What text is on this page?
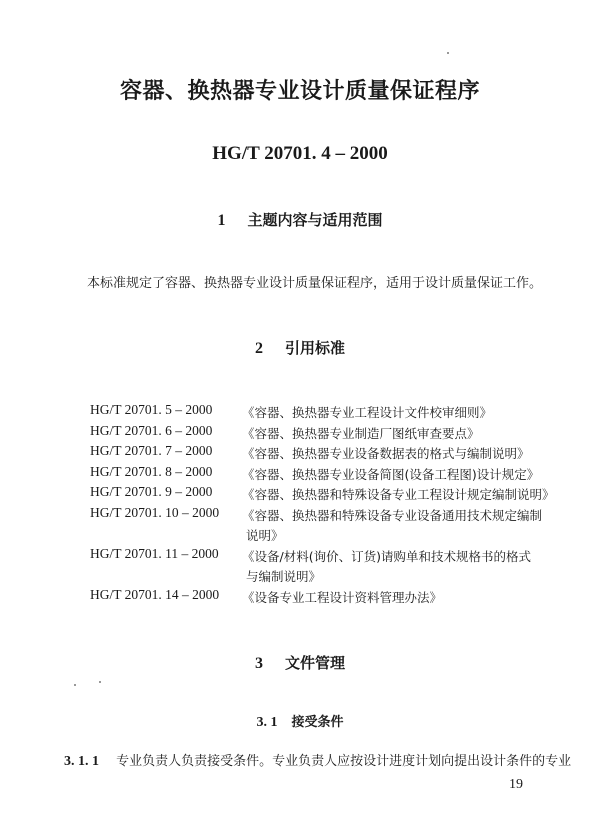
容器、换热器专业设计质量保证程序
HG/T 20701. 4 – 2000
1 主题内容与适用范围
本标准规定了容器、换热器专业设计质量保证程序，适用于设计质量保证工作。
2 引用标准
HG/T 20701. 5 – 2000 《容器、换热器专业工程设计文件校审细则》
HG/T 20701. 6 – 2000 《容器、换热器专业制造厂图纸审查要点》
HG/T 20701. 7 – 2000 《容器、换热器专业设备数据表的格式与编制说明》
HG/T 20701. 8 – 2000 《容器、换热器专业设备简图(设备工程图)设计规定》
HG/T 20701. 9 – 2000 《容器、换热器和特殊设备专业工程设计规定编制说明》
HG/T 20701. 10 – 2000 《容器、换热器和特殊设备专业设备通用技术规定编制
说明》
HG/T 20701. 11 – 2000 《设备/材料(询价、订货)请购单和技术规格书的格式
与编制说明》
HG/T 20701. 14 – 2000 《设备专业工程设计资料管理办法》
3 文件管理
3. 1 接受条件
3. 1. 1 专业负责人负责接受条件。专业负责人应按设计进度计划向提出设计条件的专业
19
